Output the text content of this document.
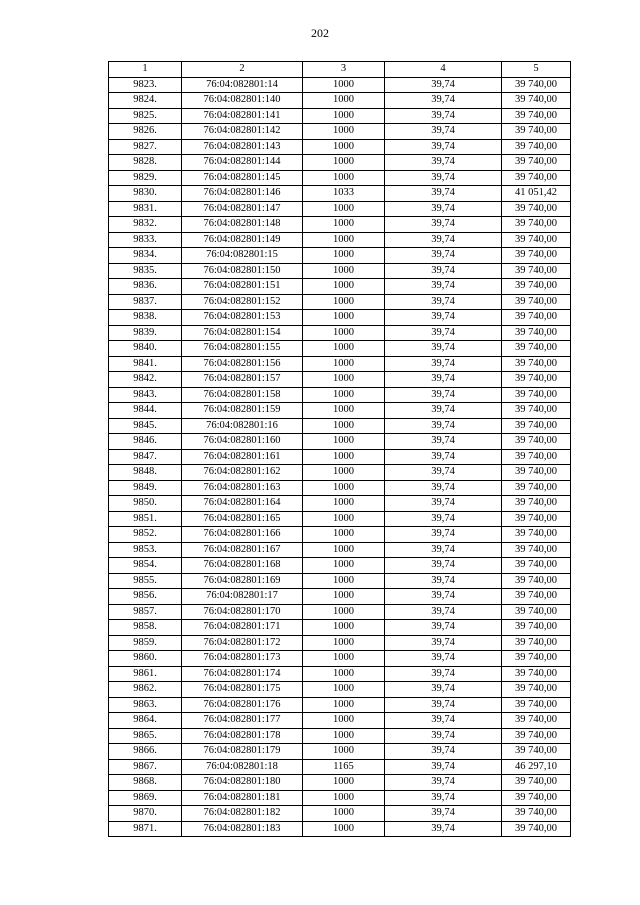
202
1	2	3	4	5
9823.	76:04:082801:14	1000	39,74	39 740,00
9824.	76:04:082801:140	1000	39,74	39 740,00
9825.	76:04:082801:141	1000	39,74	39 740,00
9826.	76:04:082801:142	1000	39,74	39 740,00
9827.	76:04:082801:143	1000	39,74	39 740,00
9828.	76:04:082801:144	1000	39,74	39 740,00
9829.	76:04:082801:145	1000	39,74	39 740,00
9830.	76:04:082801:146	1033	39,74	41 051,42
9831.	76:04:082801:147	1000	39,74	39 740,00
9832.	76:04:082801:148	1000	39,74	39 740,00
9833.	76:04:082801:149	1000	39,74	39 740,00
9834.	76:04:082801:15	1000	39,74	39 740,00
9835.	76:04:082801:150	1000	39,74	39 740,00
9836.	76:04:082801:151	1000	39,74	39 740,00
9837.	76:04:082801:152	1000	39,74	39 740,00
9838.	76:04:082801:153	1000	39,74	39 740,00
9839.	76:04:082801:154	1000	39,74	39 740,00
9840.	76:04:082801:155	1000	39,74	39 740,00
9841.	76:04:082801:156	1000	39,74	39 740,00
9842.	76:04:082801:157	1000	39,74	39 740,00
9843.	76:04:082801:158	1000	39,74	39 740,00
9844.	76:04:082801:159	1000	39,74	39 740,00
9845.	76:04:082801:16	1000	39,74	39 740,00
9846.	76:04:082801:160	1000	39,74	39 740,00
9847.	76:04:082801:161	1000	39,74	39 740,00
9848.	76:04:082801:162	1000	39,74	39 740,00
9849.	76:04:082801:163	1000	39,74	39 740,00
9850.	76:04:082801:164	1000	39,74	39 740,00
9851.	76:04:082801:165	1000	39,74	39 740,00
9852.	76:04:082801:166	1000	39,74	39 740,00
9853.	76:04:082801:167	1000	39,74	39 740,00
9854.	76:04:082801:168	1000	39,74	39 740,00
9855.	76:04:082801:169	1000	39,74	39 740,00
9856.	76:04:082801:17	1000	39,74	39 740,00
9857.	76:04:082801:170	1000	39,74	39 740,00
9858.	76:04:082801:171	1000	39,74	39 740,00
9859.	76:04:082801:172	1000	39,74	39 740,00
9860.	76:04:082801:173	1000	39,74	39 740,00
9861.	76:04:082801:174	1000	39,74	39 740,00
9862.	76:04:082801:175	1000	39,74	39 740,00
9863.	76:04:082801:176	1000	39,74	39 740,00
9864.	76:04:082801:177	1000	39,74	39 740,00
9865.	76:04:082801:178	1000	39,74	39 740,00
9866.	76:04:082801:179	1000	39,74	39 740,00
9867.	76:04:082801:18	1165	39,74	46 297,10
9868.	76:04:082801:180	1000	39,74	39 740,00
9869.	76:04:082801:181	1000	39,74	39 740,00
9870.	76:04:082801:182	1000	39,74	39 740,00
9871.	76:04:082801:183	1000	39,74	39 740,00
